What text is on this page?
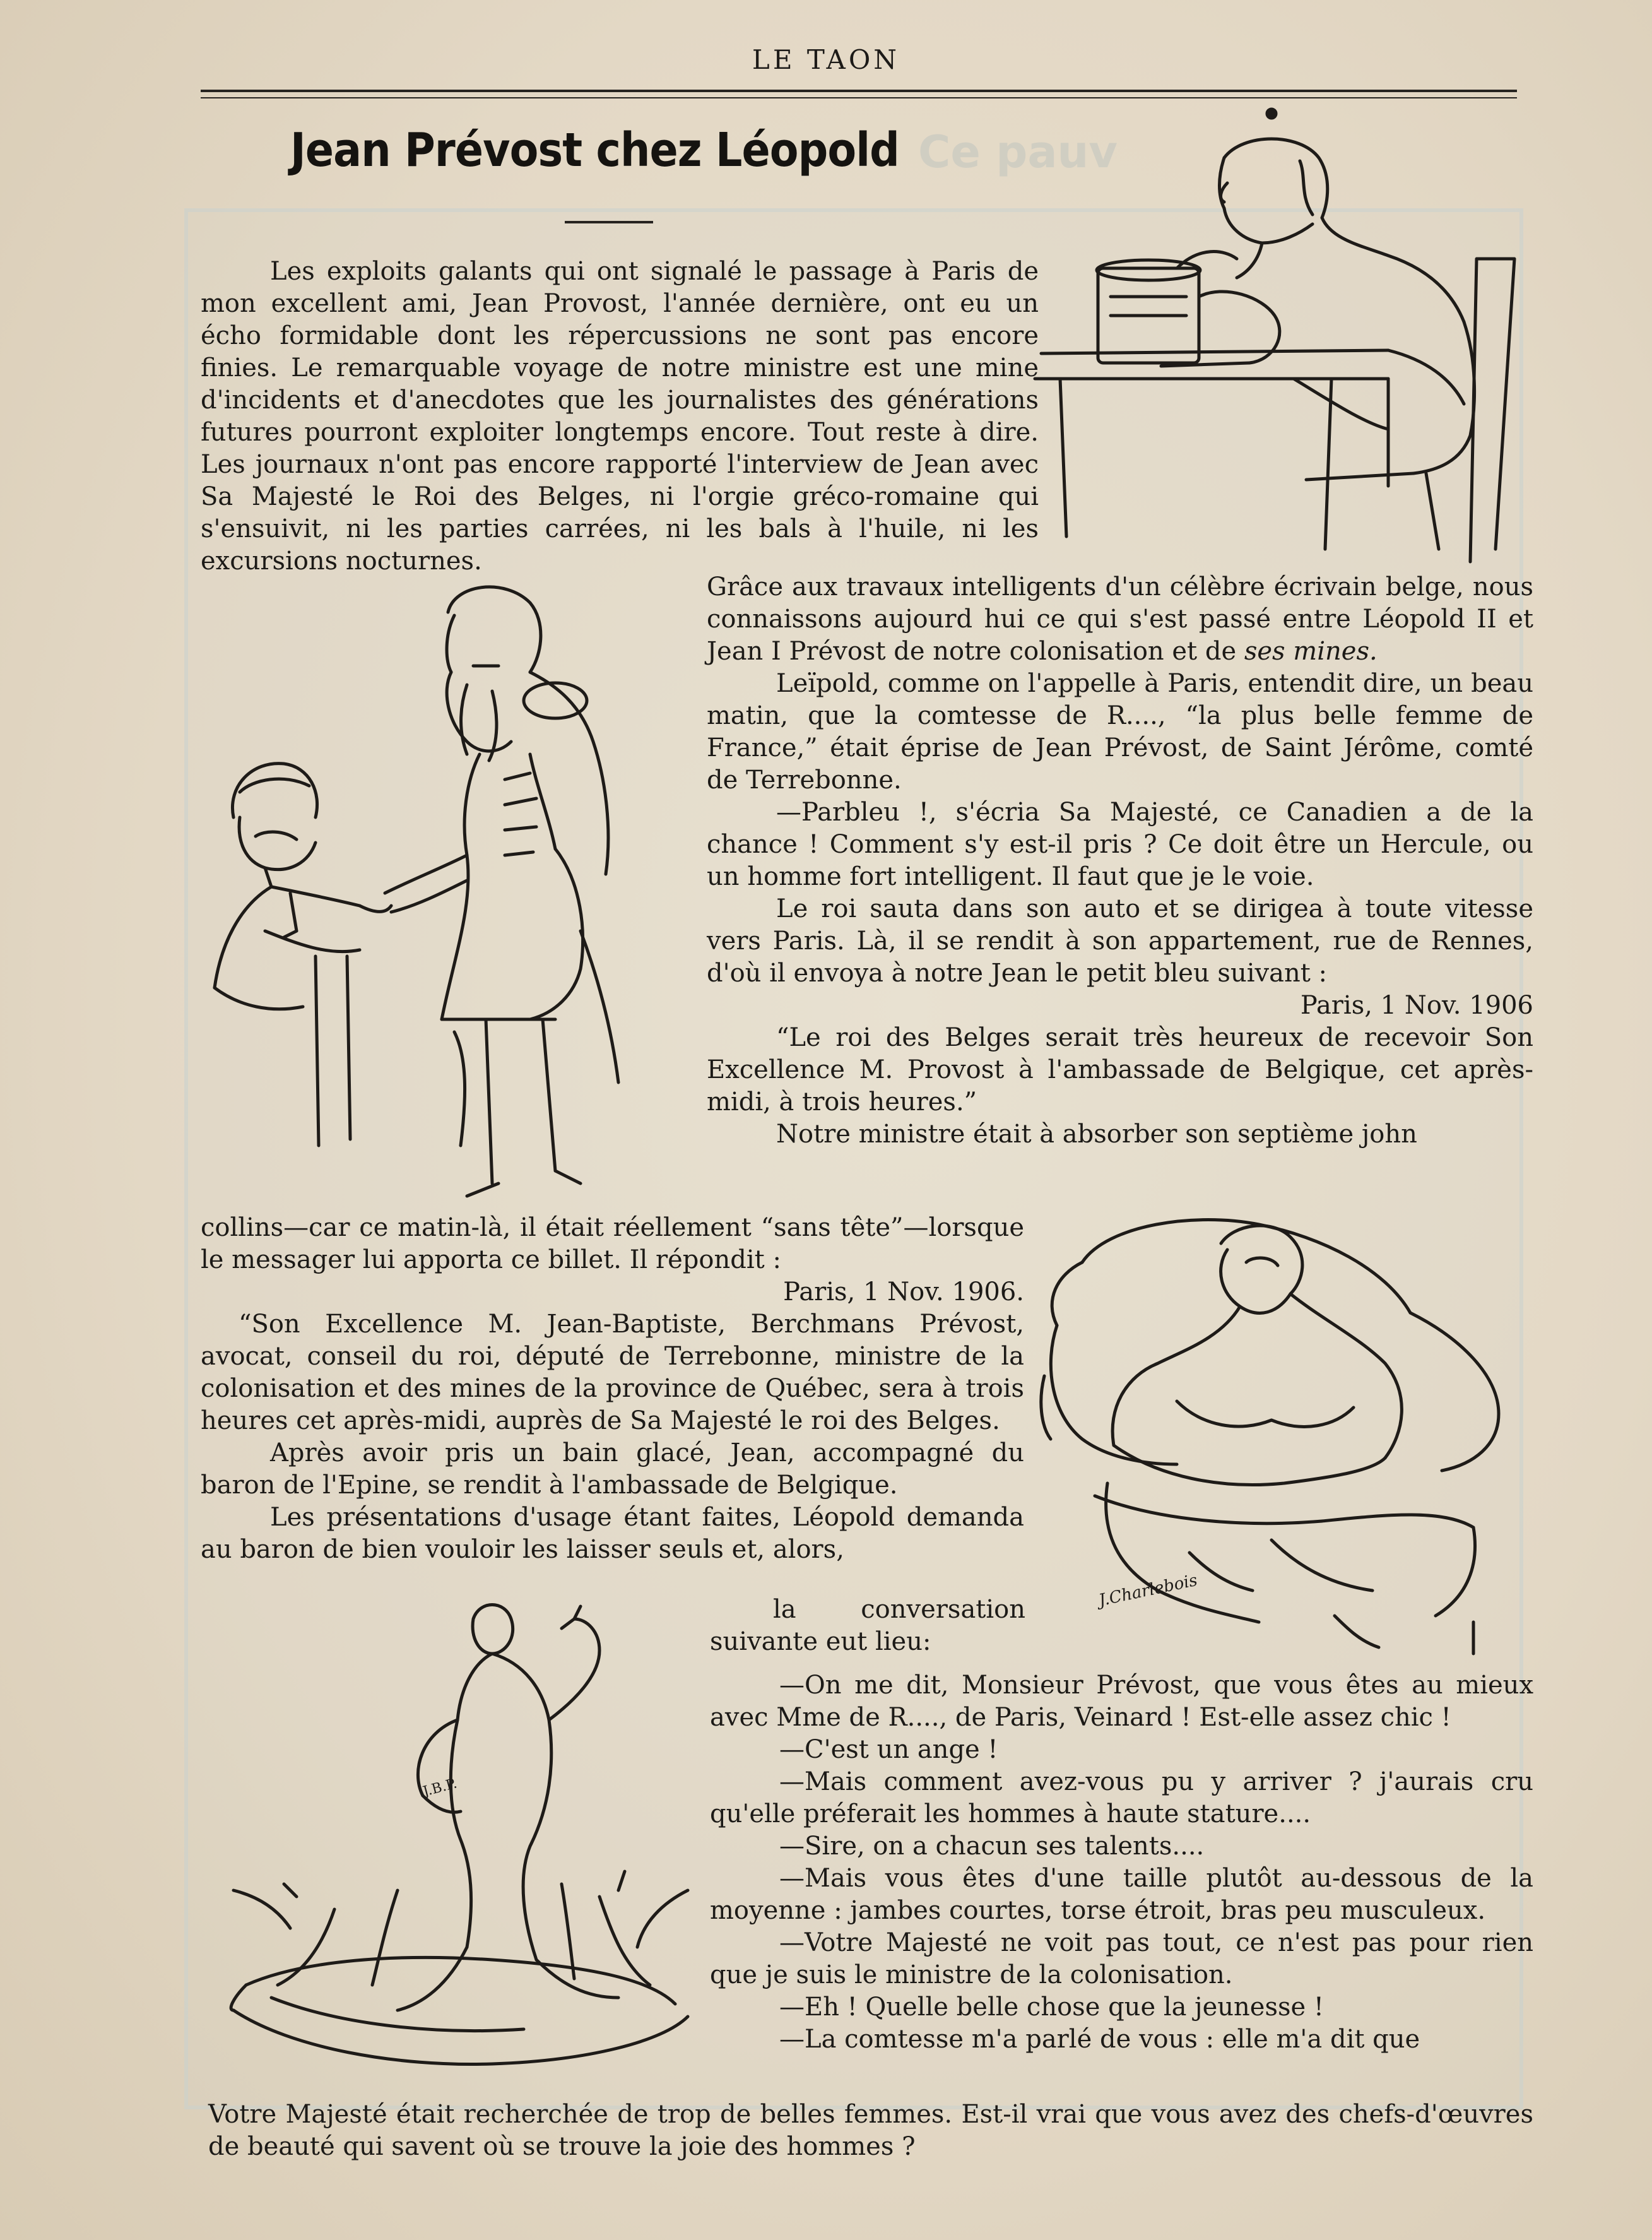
Ce pauv
LE TAON
Jean Prévost chez Léopold

Les exploits galants qui ont signalé le passage à Paris de mon excellent ami, Jean Provost, l'année dernière, ont eu un écho formidable dont les répercussions ne sont pas encore finies. Le remarquable voyage de notre ministre est une mine d'incidents et d'anecdotes que les journalistes des générations futures pourront exploiter longtemps encore. Tout reste à dire. Les journaux n'ont pas encore rapporté l'interview de Jean avec Sa Majesté le Roi des Belges, ni l'orgie gréco-romaine qui s'ensuivit, ni les parties carrées, ni les bals à l'huile, ni les excursions nocturnes.

Grâce aux travaux intelligents d'un célèbre écrivain belge, nous connaissons aujourd hui ce qui s'est passé entre Léopold II et Jean I Prévost de notre colonisation et de ses mines.

Leïpold, comme on l'appelle à Paris, entendit dire, un beau matin, que la comtesse de R...., “la plus belle femme de France,” était éprise de Jean Prévost, de Saint Jérôme, comté de Terrebonne.

—Parbleu !, s'écria Sa Majesté, ce Canadien a de la chance ! Comment s'y est-il pris ? Ce doit être un Hercule, ou un homme fort intelligent. Il faut que je le voie.

Le roi sauta dans son auto et se dirigea à toute vitesse vers Paris. Là, il se rendit à son appartement, rue de Rennes, d'où il envoya à notre Jean le petit bleu suivant :

Paris, 1 Nov. 1906

“Le roi des Belges serait très heureux de recevoir Son Excellence M. Provost à l'ambassade de Belgique, cet après-midi, à trois heures.”

Notre ministre était à absorber son septième john

collins—car ce matin-là, il était réellement “sans tête”—lorsque le messager lui apporta ce billet. Il répondit :

Paris, 1 Nov. 1906.

“Son Excellence M. Jean-Baptiste, Berchmans Prévost, avocat, conseil du roi, député de Terrebonne, ministre de la colonisation et des mines de la province de Québec, sera à trois heures cet après-midi, auprès de Sa Majesté le roi des Belges.

Après avoir pris un bain glacé, Jean, accompagné du baron de l'Epine, se rendit à l'ambassade de Belgique.

Les présentations d'usage étant faites, Léopold demanda au baron de bien vouloir les laisser seuls et, alors,

la conversation suivante eut lieu:

—On me dit, Monsieur Prévost, que vous êtes au mieux avec Mme de R...., de Paris, Veinard ! Est-elle assez chic !

—C'est un ange !

—Mais comment avez-vous pu y arriver ? j'aurais cru qu'elle préferait les hommes à haute stature....

—Sire, on a chacun ses talents....

—Mais vous êtes d'une taille plutôt au-dessous de la moyenne : jambes courtes, torse étroit, bras peu musculeux.

—Votre Majesté ne voit pas tout, ce n'est pas pour rien que je suis le ministre de la colonisation.

—Eh ! Quelle belle chose que la jeunesse !

—La comtesse m'a parlé de vous : elle m'a dit que

Votre Majesté était recherchée de trop de belles femmes. Est-il vrai que vous avez des chefs-d'œuvres de beauté qui savent où se trouve la joie des hommes ?

J.Charlebois
J.B.P.
